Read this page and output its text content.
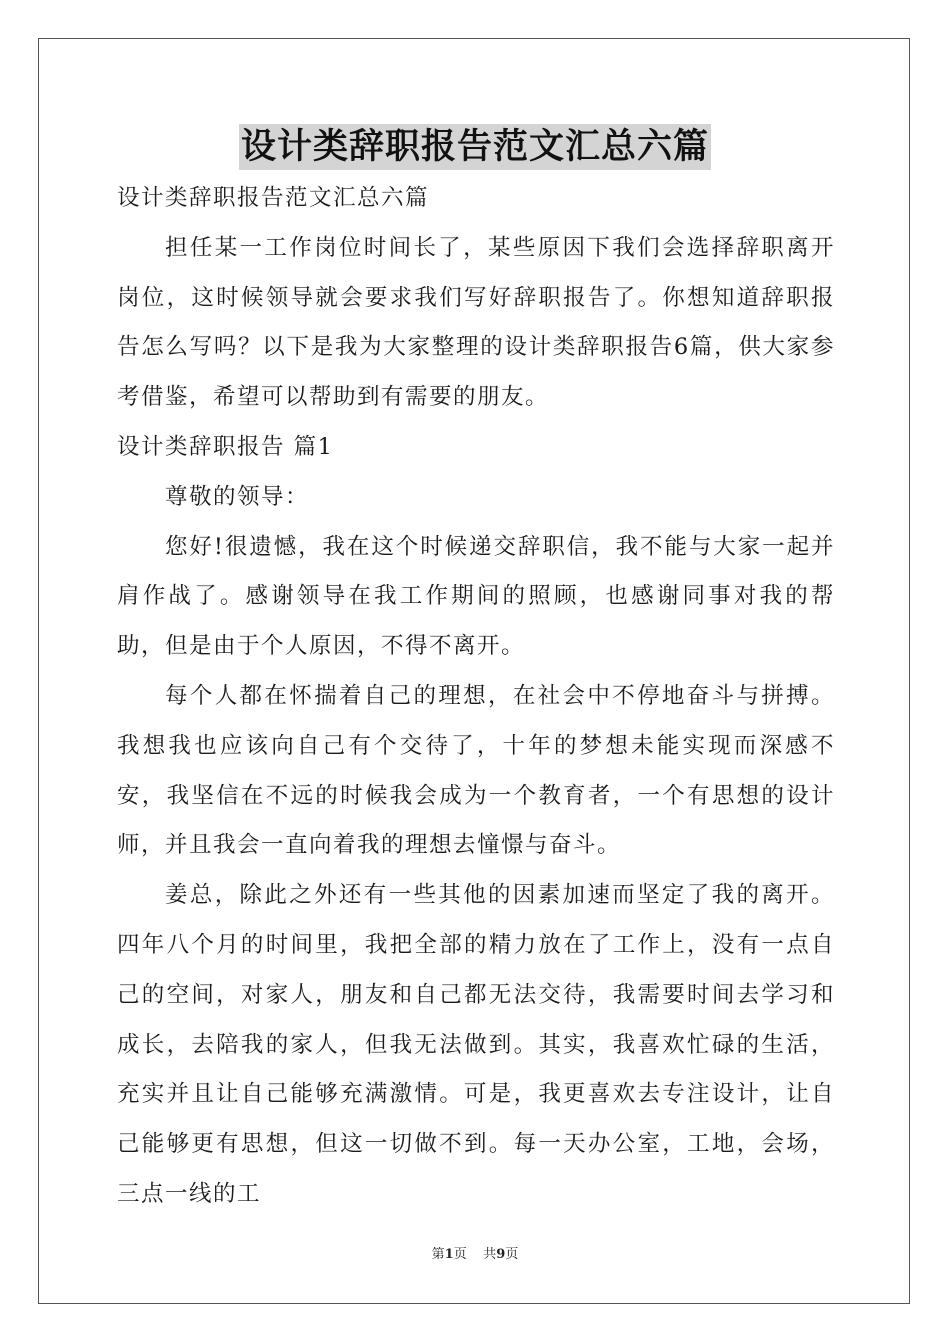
设计类辞职报告范文汇总六篇

设计类辞职报告范文汇总六篇

担任某一工作岗位时间长了，某些原因下我们会选择辞职离开岗位，这时候领导就会要求我们写好辞职报告了。你想知道辞职报告怎么写吗？以下是我为大家整理的设计类辞职报告6篇，供大家参考借鉴，希望可以帮助到有需要的朋友。

设计类辞职报告 篇1

尊敬的领导：

您好!很遗憾，我在这个时候递交辞职信，我不能与大家一起并肩作战了。感谢领导在我工作期间的照顾，也感谢同事对我的帮助，但是由于个人原因，不得不离开。

每个人都在怀揣着自己的理想，在社会中不停地奋斗与拼搏。我想我也应该向自己有个交待了，十年的梦想未能实现而深感不安，我坚信在不远的时候我会成为一个教育者，一个有思想的设计师，并且我会一直向着我的理想去憧憬与奋斗。

姜总，除此之外还有一些其他的因素加速而坚定了我的离开。四年八个月的时间里，我把全部的精力放在了工作上，没有一点自己的空间，对家人，朋友和自己都无法交待，我需要时间去学习和成长，去陪我的家人，但我无法做到。其实，我喜欢忙碌的生活，充实并且让自己能够充满激情。可是，我更喜欢去专注设计，让自己能够更有思想，但这一切做不到。每一天办公室，工地，会场，三点一线的工

第1页 共9页
